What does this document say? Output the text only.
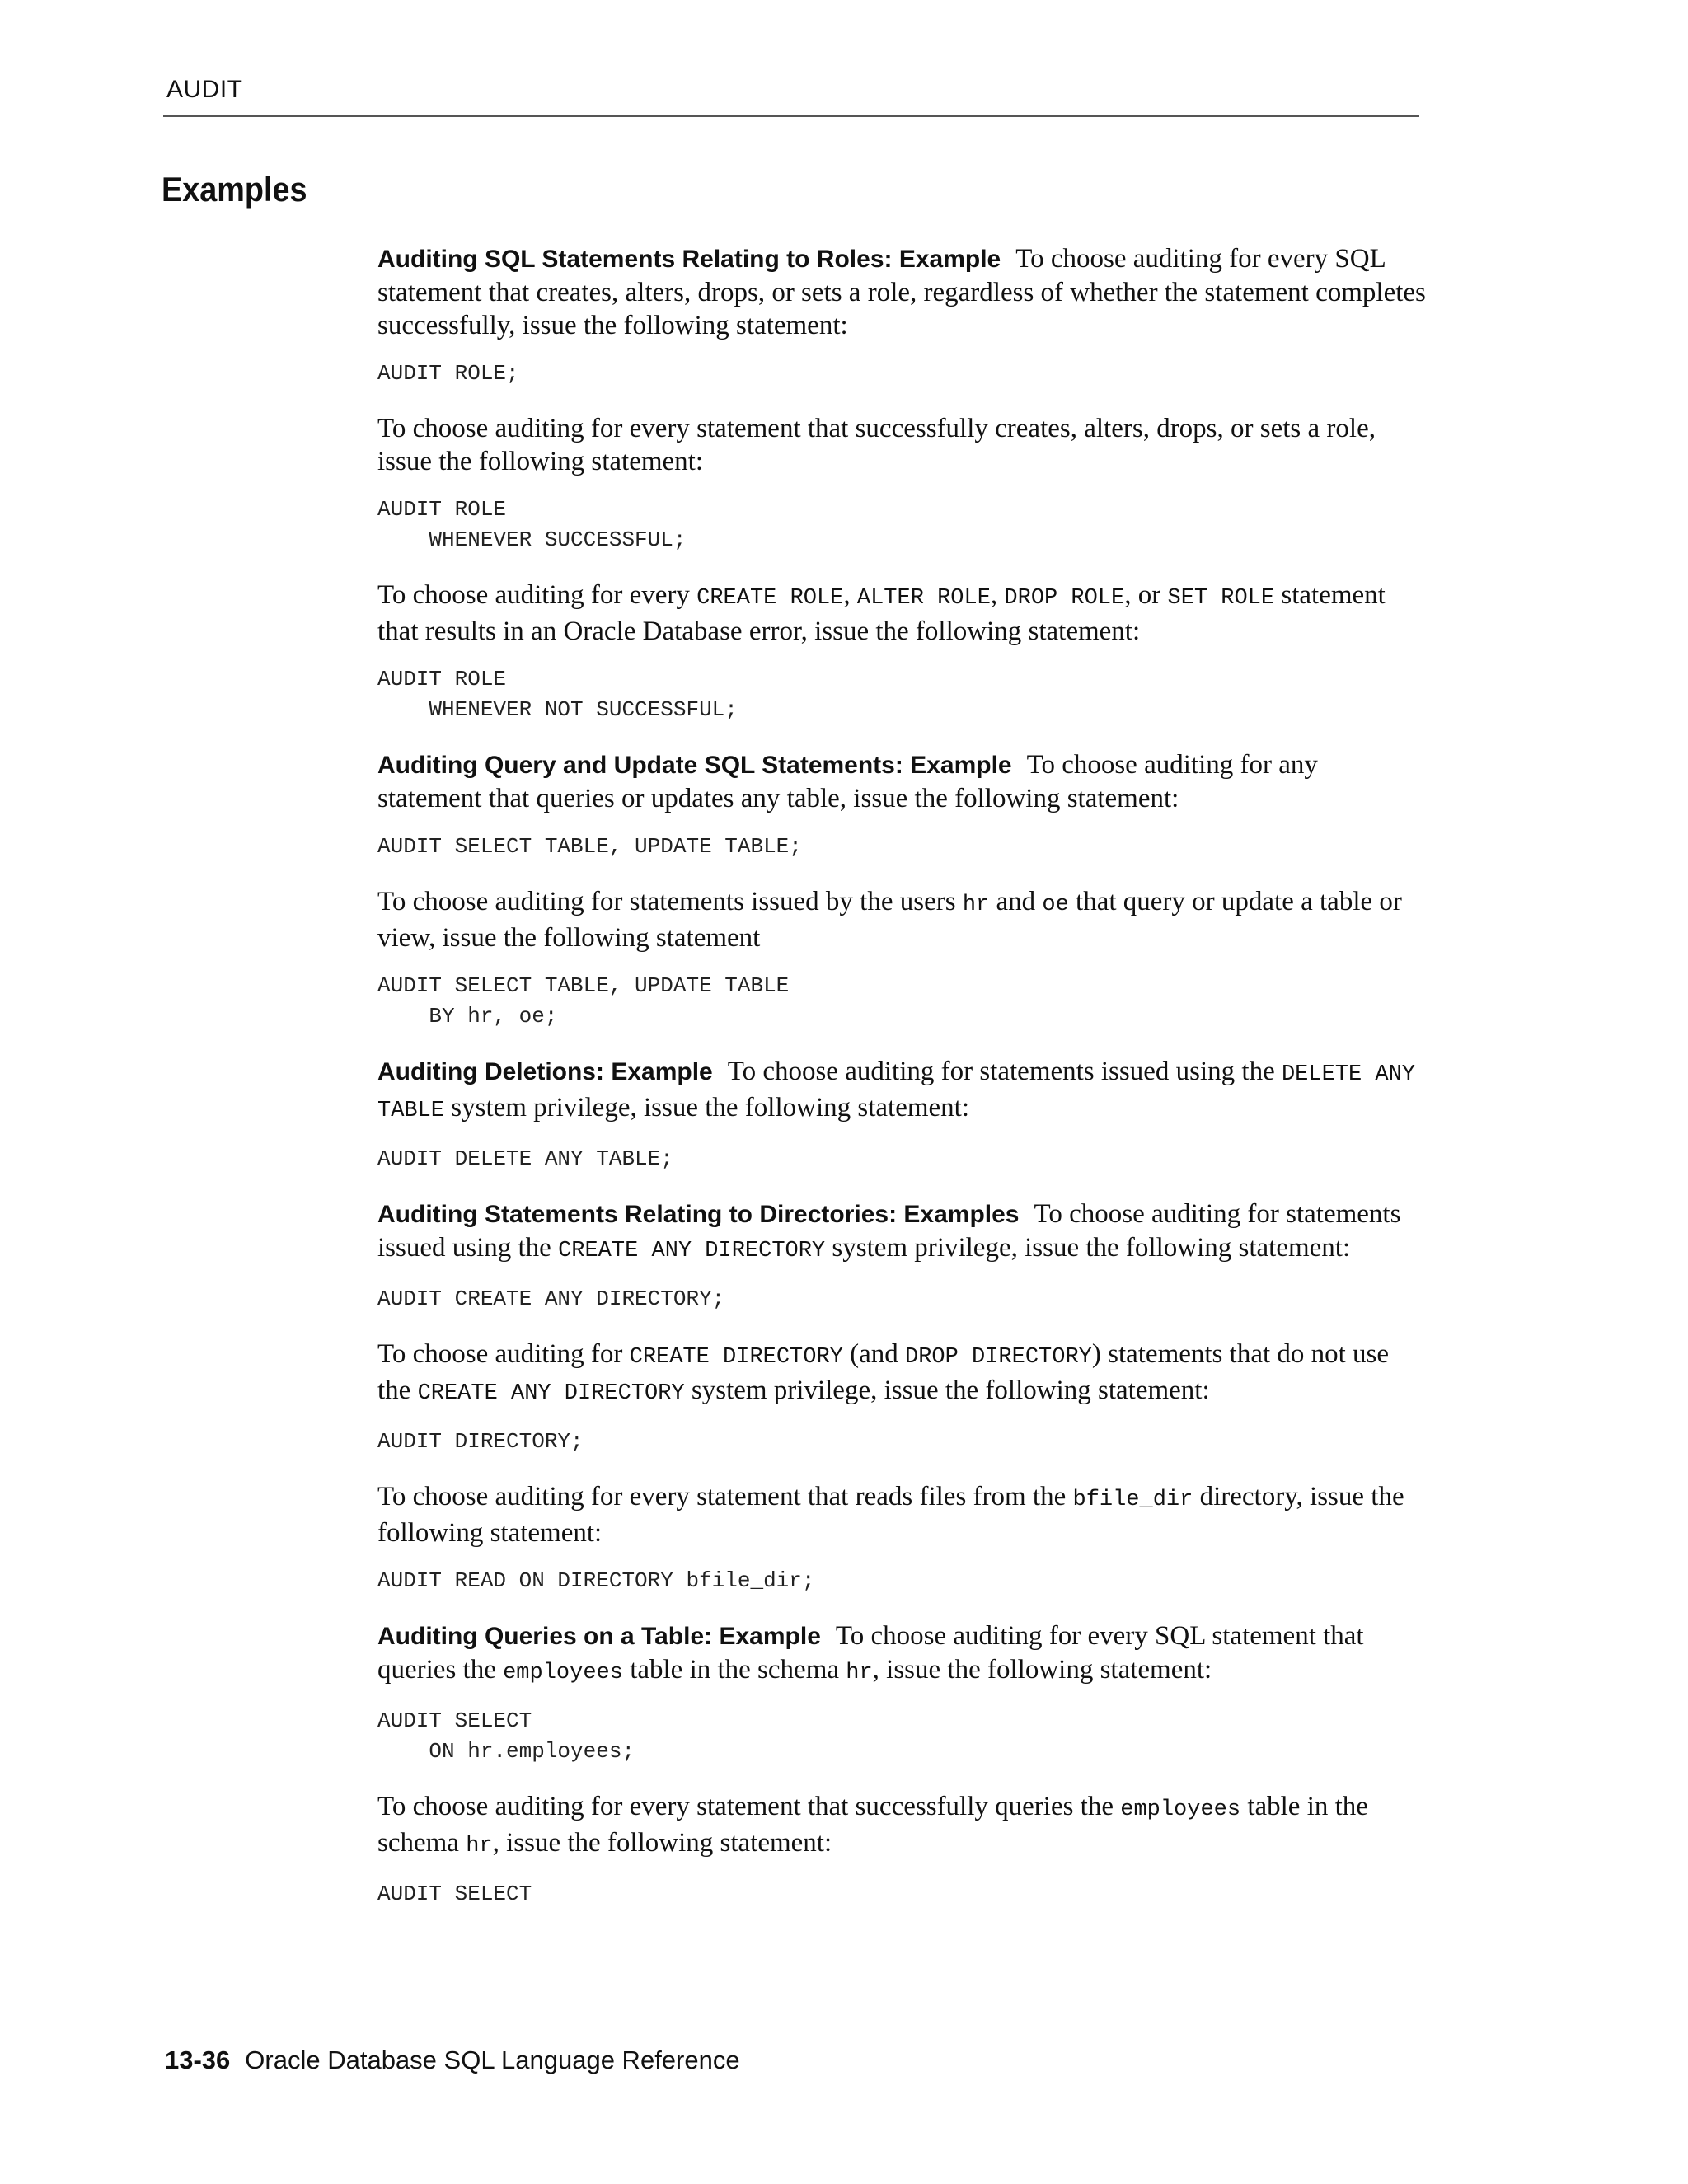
AUDIT
Examples

Auditing SQL Statements Relating to Roles: Example To choose auditing for every SQL statement that creates, alters, drops, or sets a role, regardless of whether the statement completes successfully, issue the following statement:

AUDIT ROLE;

To choose auditing for every statement that successfully creates, alters, drops, or sets a role, issue the following statement:

AUDIT ROLE
WHENEVER SUCCESSFUL;

To choose auditing for every CREATE ROLE, ALTER ROLE, DROP ROLE, or SET ROLE statement that results in an Oracle Database error, issue the following statement:

AUDIT ROLE
WHENEVER NOT SUCCESSFUL;

Auditing Query and Update SQL Statements: Example To choose auditing for any statement that queries or updates any table, issue the following statement:

AUDIT SELECT TABLE, UPDATE TABLE;

To choose auditing for statements issued by the users hr and oe that query or update a table or view, issue the following statement

AUDIT SELECT TABLE, UPDATE TABLE
BY hr, oe;

Auditing Deletions: Example To choose auditing for statements issued using the DELETE ANY TABLE system privilege, issue the following statement:

AUDIT DELETE ANY TABLE;

Auditing Statements Relating to Directories: Examples To choose auditing for statements issued using the CREATE ANY DIRECTORY system privilege, issue the following statement:

AUDIT CREATE ANY DIRECTORY;

To choose auditing for CREATE DIRECTORY (and DROP DIRECTORY) statements that do not use the CREATE ANY DIRECTORY system privilege, issue the following statement:

AUDIT DIRECTORY;

To choose auditing for every statement that reads files from the bfile_dir directory, issue the following statement:

AUDIT READ ON DIRECTORY bfile_dir;

Auditing Queries on a Table: Example To choose auditing for every SQL statement that queries the employees table in the schema hr, issue the following statement:

AUDIT SELECT
ON hr.employees;

To choose auditing for every statement that successfully queries the employees table in the schema hr, issue the following statement:

AUDIT SELECT
13-36 Oracle Database SQL Language Reference
